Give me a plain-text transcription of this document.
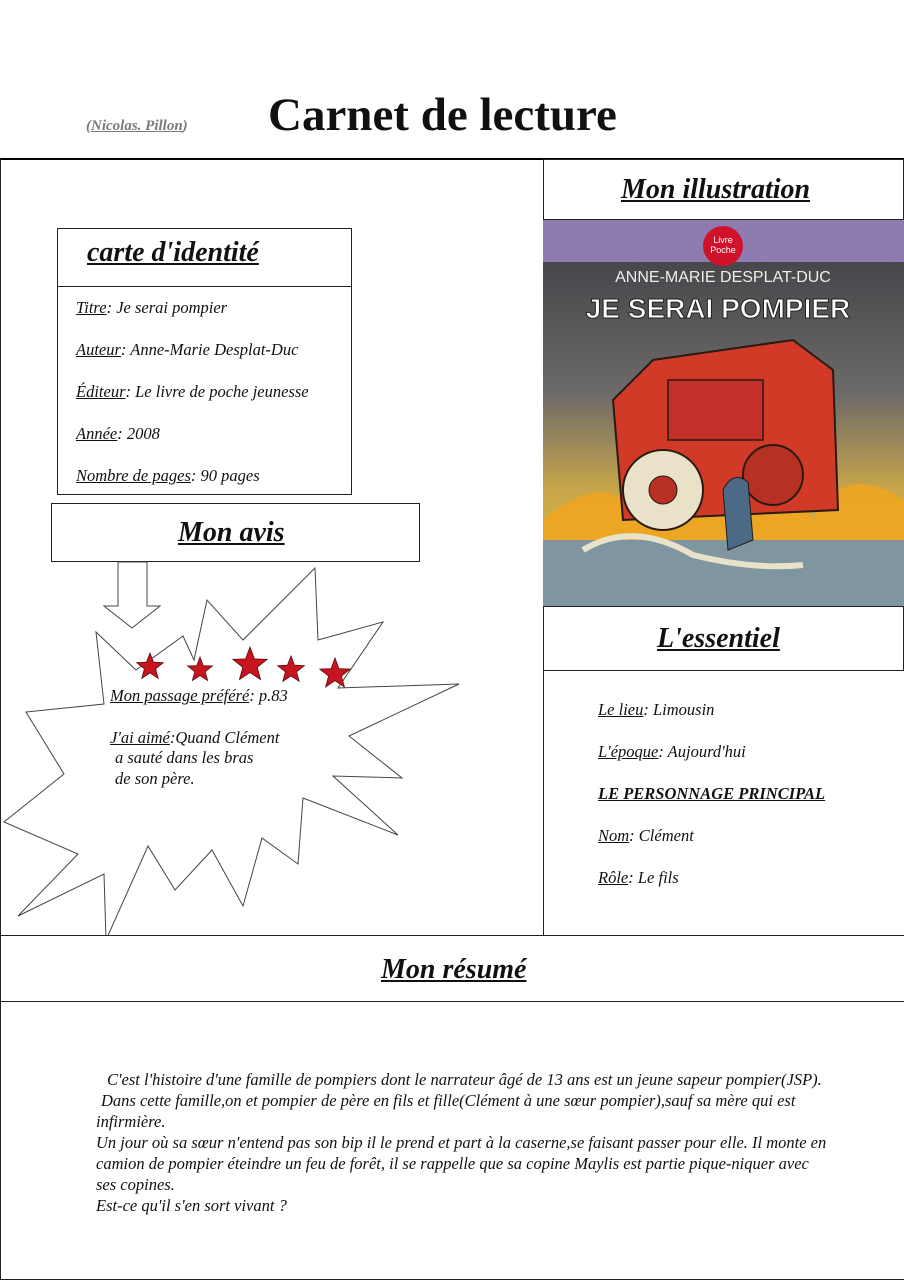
(Nicolas. Pillon) Carnet de lecture
carte d'identité
Titre: Je serai pompier
Auteur: Anne-Marie Desplat-Duc
Éditeur: Le livre de poche jeunesse
Année: 2008
Nombre de pages: 90 pages
Mon avis
Mon passage préféré: p.83
J'ai aimé:Quand Clément
a sauté dans les bras
de son père.
Mon illustration
Livre
Poche
ANNE-MARIE DESPLAT-DUC
JE SERAI POMPIER
L'essentiel
Le lieu: Limousin
L'époque: Aujourd'hui
LE PERSONNAGE PRINCIPAL
Nom: Clément
Rôle: Le fils
Mon résumé
C'est l'histoire d'une famille de pompiers dont le narrateur âgé de 13 ans est un jeune sapeur pompier(JSP).
Dans cette famille,on et pompier de père en fils et fille(Clément à une sœur pompier),sauf sa mère qui est
infirmière.
Un jour où sa sœur n'entend pas son bip il le prend et part à la caserne,se faisant passer pour elle. Il monte en
camion de pompier éteindre un feu de forêt, il se rappelle que sa copine Maylis est partie pique-niquer avec
ses copines.
Est-ce qu'il s'en sort vivant ?
